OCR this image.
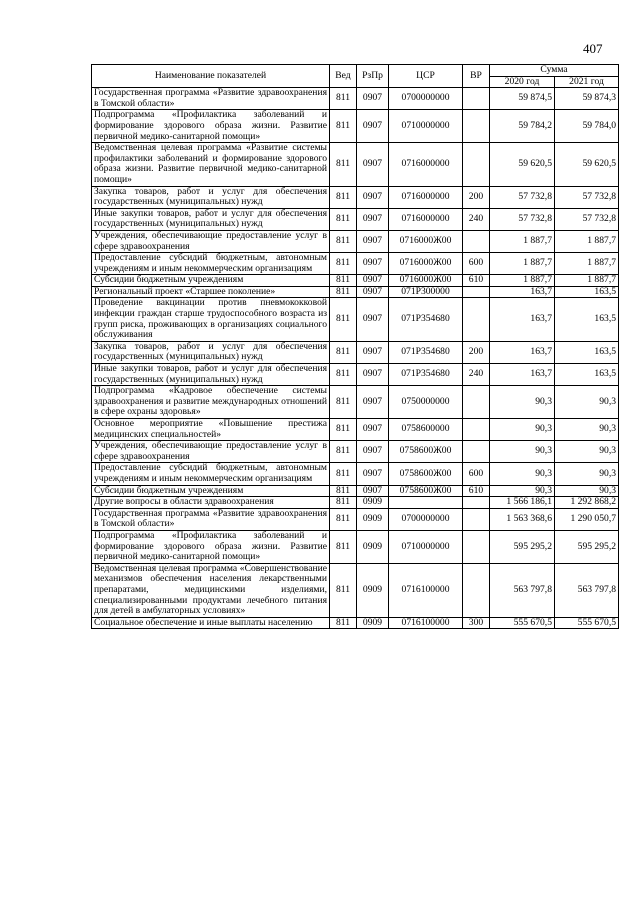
407
Наименование показателей	Вед	РзПр	ЦСР	ВР	Сумма	
					2020 год	2021 год
Государственная программа «Развитие здравоохранения в Томской области»	811	0907	0700000000		59 874,5	59 874,3
Подпрограмма «Профилактика заболеваний и формирование здорового образа жизни. Развитие первичной медико-санитарной помощи»	811	0907	0710000000		59 784,2	59 784,0
Ведомственная целевая программа «Развитие системы профилактики заболеваний и формирование здорового образа жизни. Развитие первичной медико-санитарной помощи»	811	0907	0716000000		59 620,5	59 620,5
Закупка товаров, работ и услуг для обеспечения государственных (муниципальных) нужд	811	0907	0716000000	200	57 732,8	57 732,8
Иные закупки товаров, работ и услуг для обеспечения государственных (муниципальных) нужд	811	0907	0716000000	240	57 732,8	57 732,8
Учреждения, обеспечивающие предоставление услуг в сфере здравоохранения	811	0907	0716000Ж00		1 887,7	1 887,7
Предоставление субсидий бюджетным, автономным учреждениям и иным некоммерческим организациям	811	0907	0716000Ж00	600	1 887,7	1 887,7
Субсидии бюджетным учреждениям	811	0907	0716000Ж00	610	1 887,7	1 887,7
Региональный проект «Старшее поколение»	811	0907	071P300000		163,7	163,5
Проведение вакцинации против пневмококковой инфекции граждан старше трудоспособного возраста из групп риска, проживающих в организациях социального обслуживания	811	0907	071P354680		163,7	163,5
Закупка товаров, работ и услуг для обеспечения государственных (муниципальных) нужд	811	0907	071P354680	200	163,7	163,5
Иные закупки товаров, работ и услуг для обеспечения государственных (муниципальных) нужд	811	0907	071P354680	240	163,7	163,5
Подпрограмма «Кадровое обеспечение системы здравоохранения и развитие международных отношений в сфере охраны здоровья»	811	0907	0750000000		90,3	90,3
Основное мероприятие «Повышение престижа медицинских специальностей»	811	0907	0758600000		90,3	90,3
Учреждения, обеспечивающие предоставление услуг в сфере здравоохранения	811	0907	0758600Ж00		90,3	90,3
Предоставление субсидий бюджетным, автономным учреждениям и иным некоммерческим организациям	811	0907	0758600Ж00	600	90,3	90,3
Субсидии бюджетным учреждениям	811	0907	0758600Ж00	610	90,3	90,3
Другие вопросы в области здравоохранения	811	0909			1 566 186,1	1 292 868,2
Государственная программа «Развитие здравоохранения в Томской области»	811	0909	0700000000		1 563 368,6	1 290 050,7
Подпрограмма «Профилактика заболеваний и формирование здорового образа жизни. Развитие первичной медико-санитарной помощи»	811	0909	0710000000		595 295,2	595 295,2
Ведомственная целевая программа «Совершенствование механизмов обеспечения населения лекарственными препаратами, медицинскими изделиями, специализированными продуктами лечебного питания для детей в амбулаторных условиях»	811	0909	0716100000		563 797,8	563 797,8
Социальное обеспечение и иные выплаты населению	811	0909	0716100000	300	555 670,5	555 670,5
